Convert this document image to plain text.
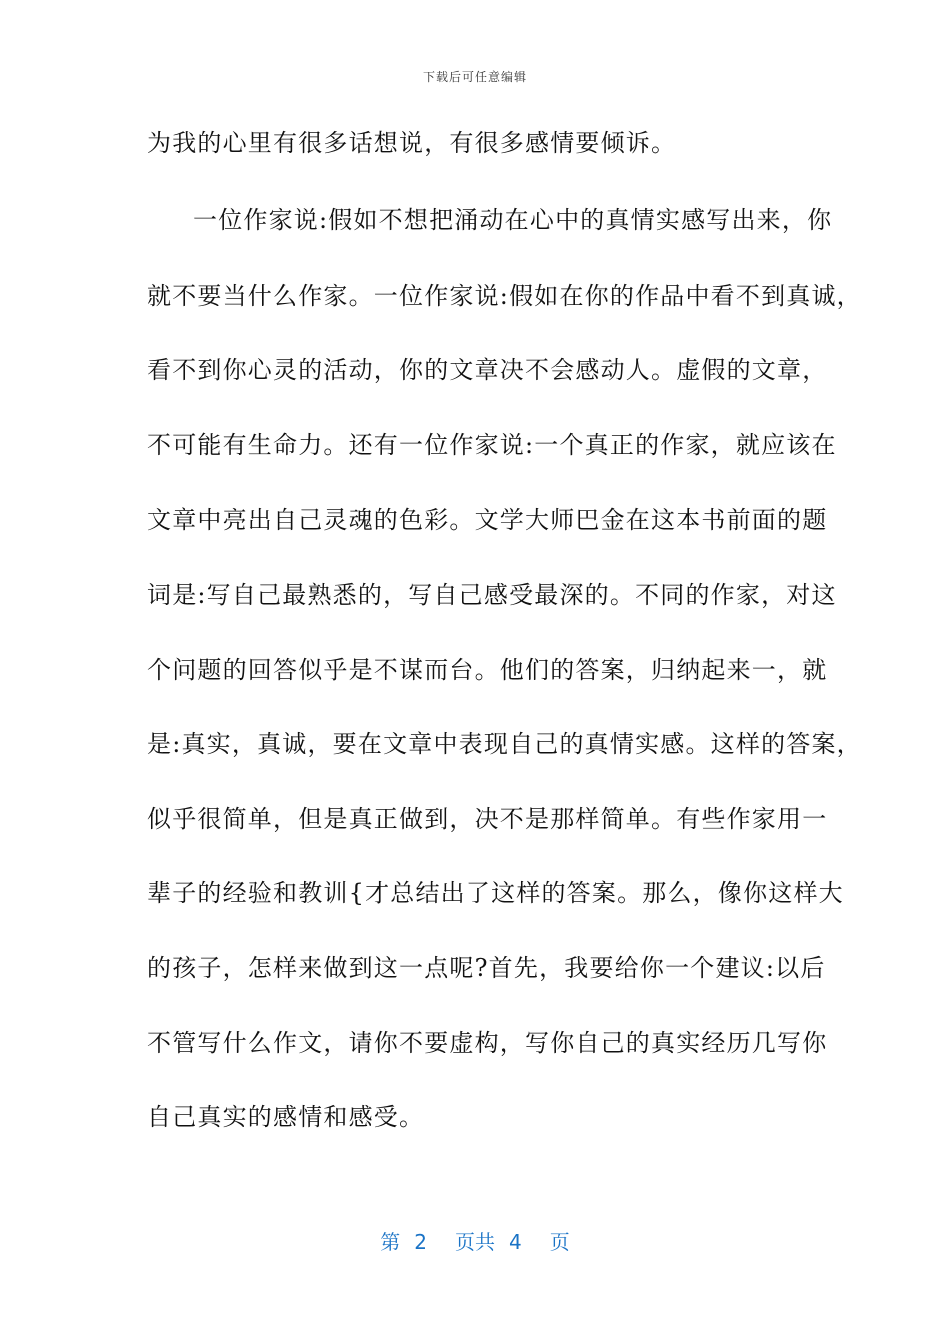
下载后可任意编辑
为我的心里有很多话想说，有很多感情要倾诉。
一位作家说:假如不想把涌动在心中的真情实感写出来，你
就不要当什么作家。一位作家说:假如在你的作品中看不到真诚，
看不到你心灵的活动，你的文章决不会感动人。虚假的文章，
不可能有生命力。还有一位作家说:一个真正的作家，就应该在
文章中亮出自己灵魂的色彩。文学大师巴金在这本书前面的题
词是:写自己最熟悉的，写自己感受最深的。不同的作家，对这
个问题的回答似乎是不谋而台。他们的答案，归纳起来一，就
是:真实，真诚，要在文章中表现自己的真情实感。这样的答案，
似乎很简单，但是真正做到，决不是那样简单。有些作家用一
辈子的经验和教训{才总结出了这样的答案。那么，像你这样大
的孩子，怎样来做到这一点呢?首先，我要给你一个建议:以后
不管写什么作文，请你不要虚构，写你自己的真实经历几写你
自己真实的感情和感受。
第 2 页共 4 页
